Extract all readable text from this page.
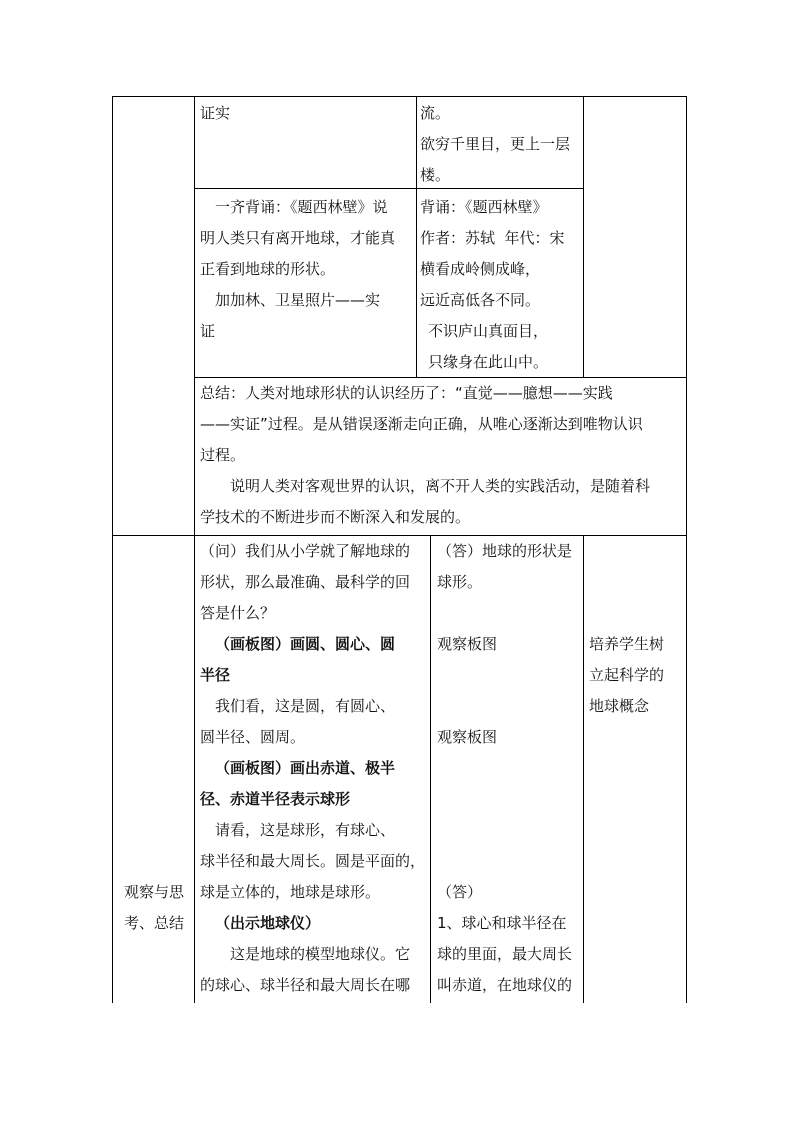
证实	流。

欲穷千里目，更上一层

楼。

一齐背诵：《题西林壁》说

明人类只有离开地球，才能真

正看到地球的形状。

加加林、卫星照片——实

证

背诵：《题西林壁》

作者：苏轼  年代：宋

横看成岭侧成峰，

远近高低各不同。

不识庐山真面目，

只缘身在此山中。

总结：人类对地球形状的认识经历了：“直觉——臆想——实践

——实证”过程。是从错误逐渐走向正确，从唯心逐渐达到唯物认识

过程。

说明人类对客观世界的认识，离不开人类的实践活动，是随着科

学技术的不断进步而不断深入和发展的。

观察与思

考、总结

（问）我们从小学就了解地球的

形状，那么最准确、最科学的回

答是什么？

（画板图）画圆、圆心、圆

半径

我们看，这是圆，有圆心、

圆半径、圆周。

（画板图）画出赤道、极半

径、赤道半径表示球形

请看，这是球形，有球心、

球半径和最大周长。圆是平面的，

球是立体的，地球是球形。

（出示地球仪）

这是地球的模型地球仪。它

的球心、球半径和最大周长在哪

（答）地球的形状是

球形。

观察板图

观察板图

（答）

1、球心和球半径在

球的里面，最大周长

叫赤道，在地球仪的

培养学生树

立起科学的

地球概念
